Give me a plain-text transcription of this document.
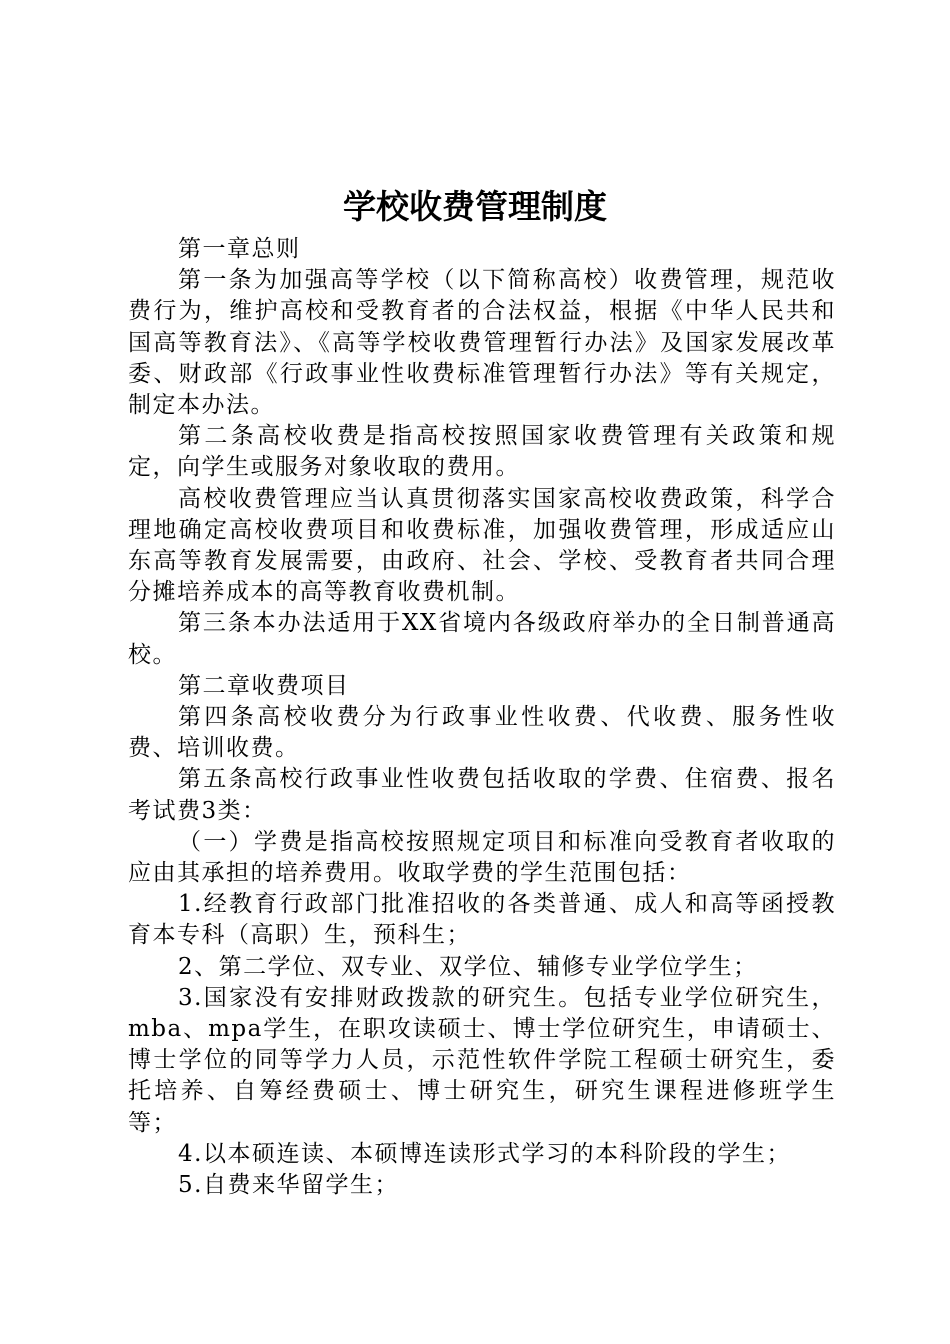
学校收费管理制度

第一章总则

第一条为加强高等学校（以下简称高校）收费管理，规范收费行为，维护高校和受教育者的合法权益，根据《中华人民共和国高等教育法》、《高等学校收费管理暂行办法》及国家发展改革委、财政部《行政事业性收费标准管理暂行办法》等有关规定，制定本办法。

第二条高校收费是指高校按照国家收费管理有关政策和规定，向学生或服务对象收取的费用。

高校收费管理应当认真贯彻落实国家高校收费政策，科学合理地确定高校收费项目和收费标准，加强收费管理，形成适应山东高等教育发展需要，由政府、社会、学校、受教育者共同合理分摊培养成本的高等教育收费机制。

第三条本办法适用于XX省境内各级政府举办的全日制普通高校。

第二章收费项目

第四条高校收费分为行政事业性收费、代收费、服务性收费、培训收费。

第五条高校行政事业性收费包括收取的学费、住宿费、报名考试费3类：

（一）学费是指高校按照规定项目和标准向受教育者收取的应由其承担的培养费用。收取学费的学生范围包括：

1.经教育行政部门批准招收的各类普通、成人和高等函授教育本专科（高职）生，预科生；

2、第二学位、双专业、双学位、辅修专业学位学生；

3.国家没有安排财政拨款的研究生。包括专业学位研究生，mba、mpa学生，在职攻读硕士、博士学位研究生，申请硕士、博士学位的同等学力人员，示范性软件学院工程硕士研究生，委托培养、自筹经费硕士、博士研究生，研究生课程进修班学生等；

4.以本硕连读、本硕博连读形式学习的本科阶段的学生；

5.自费来华留学生；
